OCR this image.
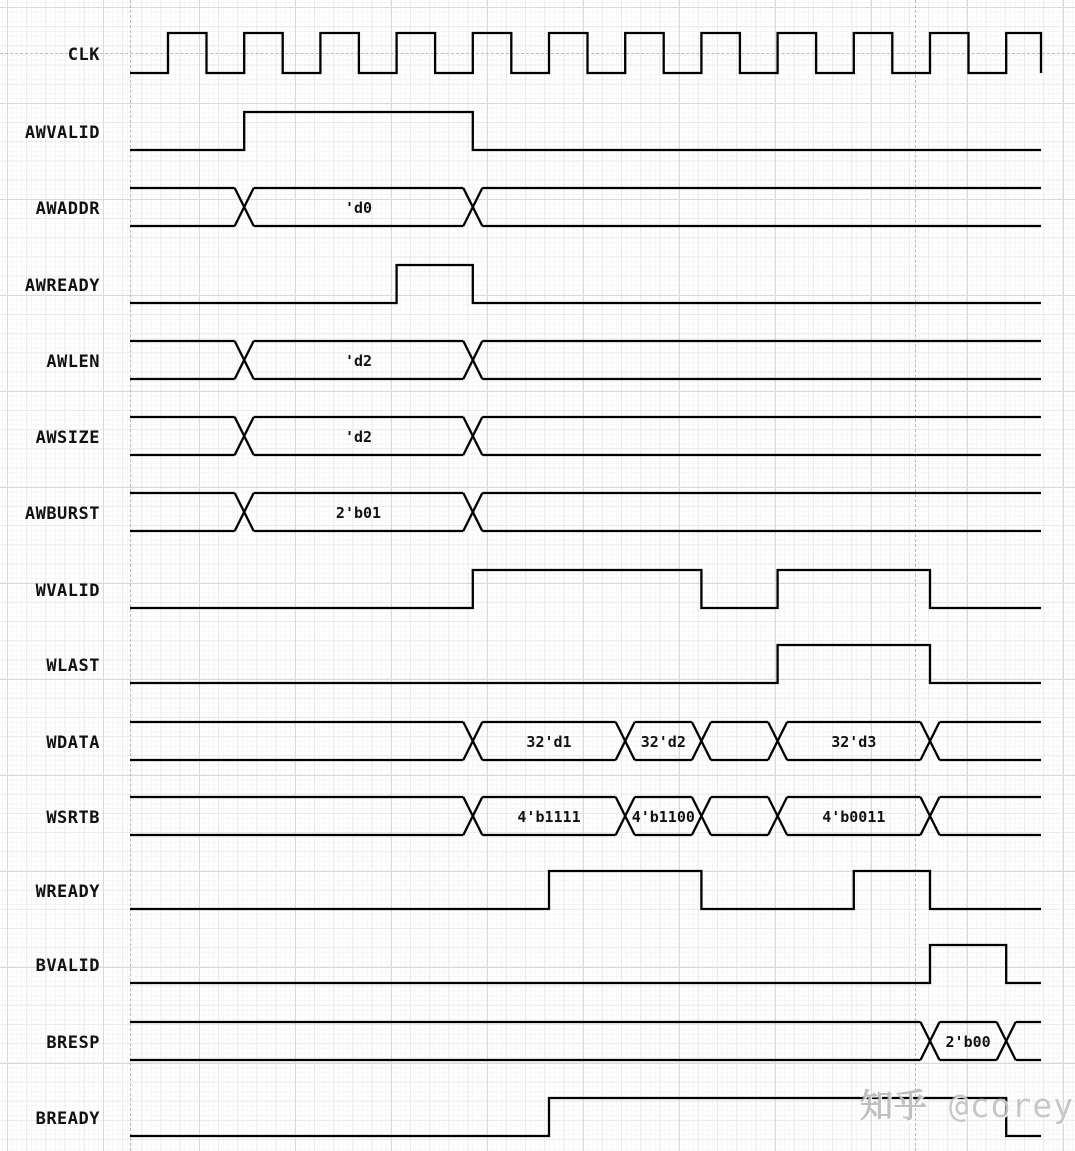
CLK
AWVALID
AWADDR
AWREADY
AWLEN
AWSIZE
AWBURST
WVALID
WLAST
WDATA
WSRTB
WREADY
BVALID
BRESP
BREADY
'd0
'd2
'd2
2'b01
32'd1	32'd2	32'd3
4'b1111	4'b1100	4'b0011
2'b00
知乎 @corey
